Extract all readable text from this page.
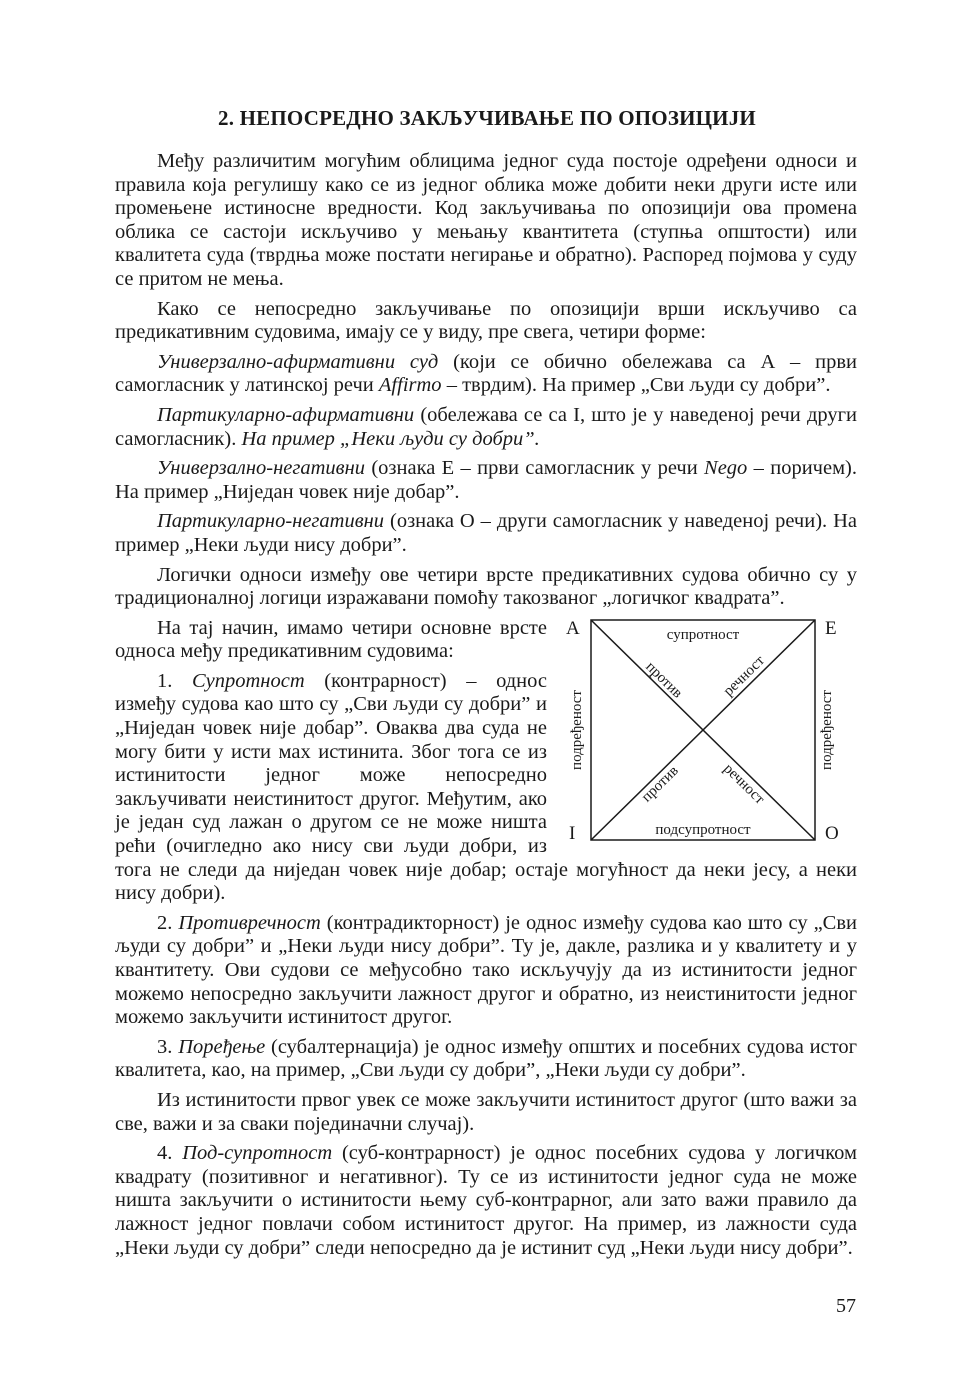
2. НЕПОСРЕДНО ЗАКЉУЧИВАЊЕ ПО ОПОЗИЦИЈИ

Међу различитим могућим облицима једног суда постоје одређени односи и правила која регулишу како се из једног облика може добити неки други исте или промењене истиносне вредности. Код закључивања по опозицији ова промена облика се састоји искључиво у мењању квантитета (ступња општости) или квалитета суда (тврдња може постати негирање и обратно). Распоред појмова у суду се притом не мења.

Како се непосредно закључивање по опозицији врши искључиво са предикативним судовима, имају се у виду, пре свега, четири форме:

Универзално-афирмативни суд (који се обично обележава са А – први самогласник у латинској речи Affirmo – тврдим). На пример „Сви људи су добри”.

Партикуларно-афирмативни (обележава се са I, што је у наведеној речи други самогласник). На пример „Неки људи су добри”.

Универзално-негативни (ознака Е – први самогласник у речи Nego – поричем). На пример „Ниједан човек није добар”.

Партикуларно-негативни (ознака О – други самогласник у наведеној речи). На пример „Неки људи нису добри”.

Логички односи између ове четири врсте предикативних судова обично су у традиционалној логици изражавани помоћу такозваног „логичког квадрата”.

А	Е
I	О
супротност
подсупротност
подређеност	подређеност
против речност
против	речност

На тај начин, имамо четири основне врсте односа међу предикативним судовима:

1. Супротност (контрарност) – однос између судова као што су „Сви људи су добри” и „Ниједан човек није добар”. Оваква два суда не могу бити у исти мах истинита. Због тога се из истинитости једног може непосредно закључивати неистинитост другог. Међутим, ако је један суд лажан о другом се не може ништа рећи (очигледно ако нису сви људи добри, из тога не следи да ниједан човек није добар; остаје могућност да неки јесу, а неки нису добри).

2. Противречност (контрадикторност) је однос између судова као што су „Сви људи су добри” и „Неки људи нису добри”. Ту је, дакле, разлика и у квалитету и у квантитету. Ови судови се међусобно тако искључују да из истинитости једног можемо непосредно закључити лажност другог и обратно, из неистинитости једног можемо закључити истинитост другог.

3. Поређење (субалтернација) је однос између општих и посебних судова истог квалитета, као, на пример, „Сви људи су добри”, „Неки људи су добри”.

Из истинитости првог увек се може закључити истинитост другог (што важи за све, важи и за сваки појединачни случај).

4. Под-супротност (суб-контрарност) је однос посебних судова у логичком квадрату (позитивног и негативног). Ту се из истинитости једног суда не може ништа закључити о истинитости њему суб-контрарног, али зато важи правило да лажност једног повлачи собом истинитост другог. На пример, из лажности суда „Неки људи су добри” следи непосредно да је истинит суд „Неки људи нису добри”.

57
